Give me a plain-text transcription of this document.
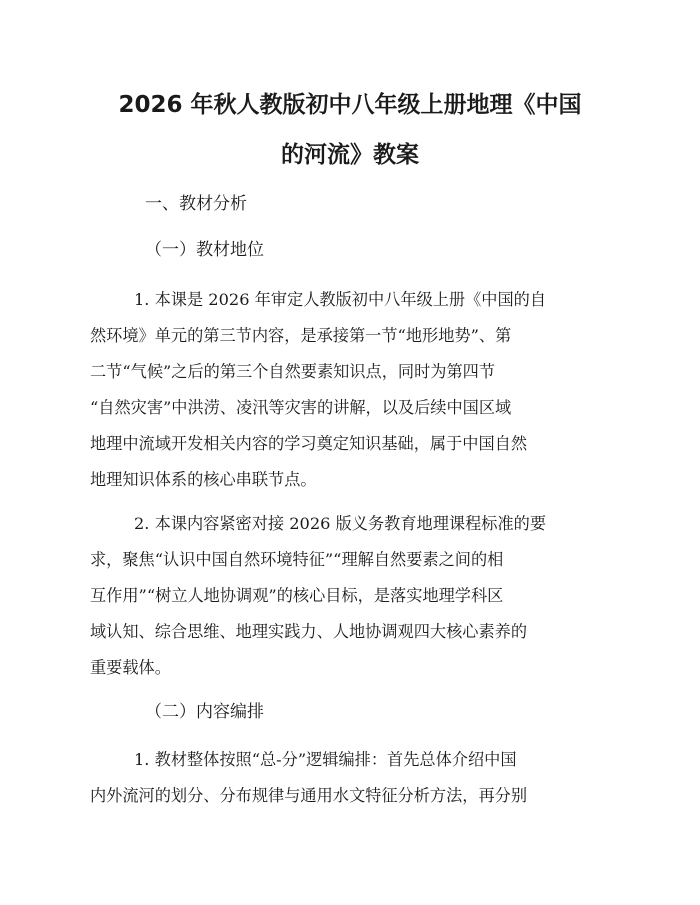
2026 年秋人教版初中八年级上册地理《中国
的河流》教案
一、教材分析
（一）教材地位
1. 本课是 2026 年审定人教版初中八年级上册《中国的自
然环境》单元的第三节内容，是承接第一节“地形地势”、第
二节“气候”之后的第三个自然要素知识点，同时为第四节
“自然灾害”中洪涝、凌汛等灾害的讲解，以及后续中国区域
地理中流域开发相关内容的学习奠定知识基础，属于中国自然
地理知识体系的核心串联节点。
2. 本课内容紧密对接 2026 版义务教育地理课程标准的要
求，聚焦“认识中国自然环境特征”“理解自然要素之间的相
互作用”“树立人地协调观”的核心目标，是落实地理学科区
域认知、综合思维、地理实践力、人地协调观四大核心素养的
重要载体。
（二）内容编排
1. 教材整体按照“总-分”逻辑编排：首先总体介绍中国
内外流河的划分、分布规律与通用水文特征分析方法，再分别
